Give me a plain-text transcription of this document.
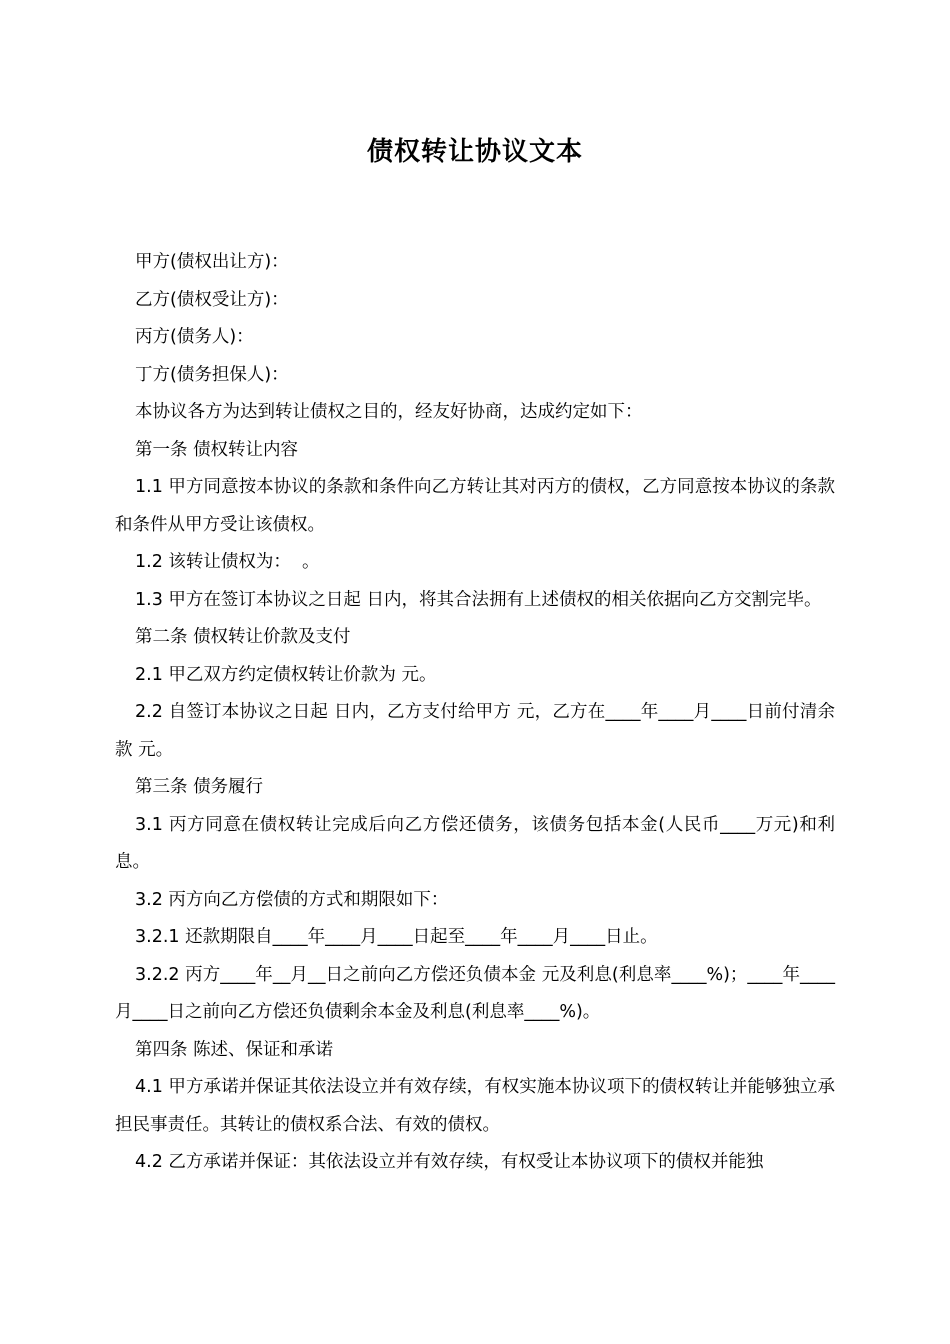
债权转让协议文本

甲方(债权出让方)：

乙方(债权受让方)：

丙方(债务人)：

丁方(债务担保人)：

本协议各方为达到转让债权之目的，经友好协商，达成约定如下：

第一条 债权转让内容

1.1 甲方同意按本协议的条款和条件向乙方转让其对丙方的债权，乙方同意按本协议的条款和条件从甲方受让该债权。

1.2 该转让债权为：  。

1.3 甲方在签订本协议之日起 日内，将其合法拥有上述债权的相关依据向乙方交割完毕。

第二条 债权转让价款及支付

2.1 甲乙双方约定债权转让价款为 元。

2.2 自签订本协议之日起 日内，乙方支付给甲方 元，乙方在____年____月____日前付清余款 元。

第三条 债务履行

3.1 丙方同意在债权转让完成后向乙方偿还债务，该债务包括本金(人民币____万元)和利息。

3.2 丙方向乙方偿债的方式和期限如下：

3.2.1 还款期限自____年____月____日起至____年____月____日止。

3.2.2 丙方____年__月__日之前向乙方偿还负债本金 元及利息(利息率____%)；____年____月____日之前向乙方偿还负债剩余本金及利息(利息率____%)。

第四条 陈述、保证和承诺

4.1 甲方承诺并保证其依法设立并有效存续，有权实施本协议项下的债权转让并能够独立承担民事责任。其转让的债权系合法、有效的债权。

4.2 乙方承诺并保证：其依法设立并有效存续，有权受让本协议项下的债权并能独
